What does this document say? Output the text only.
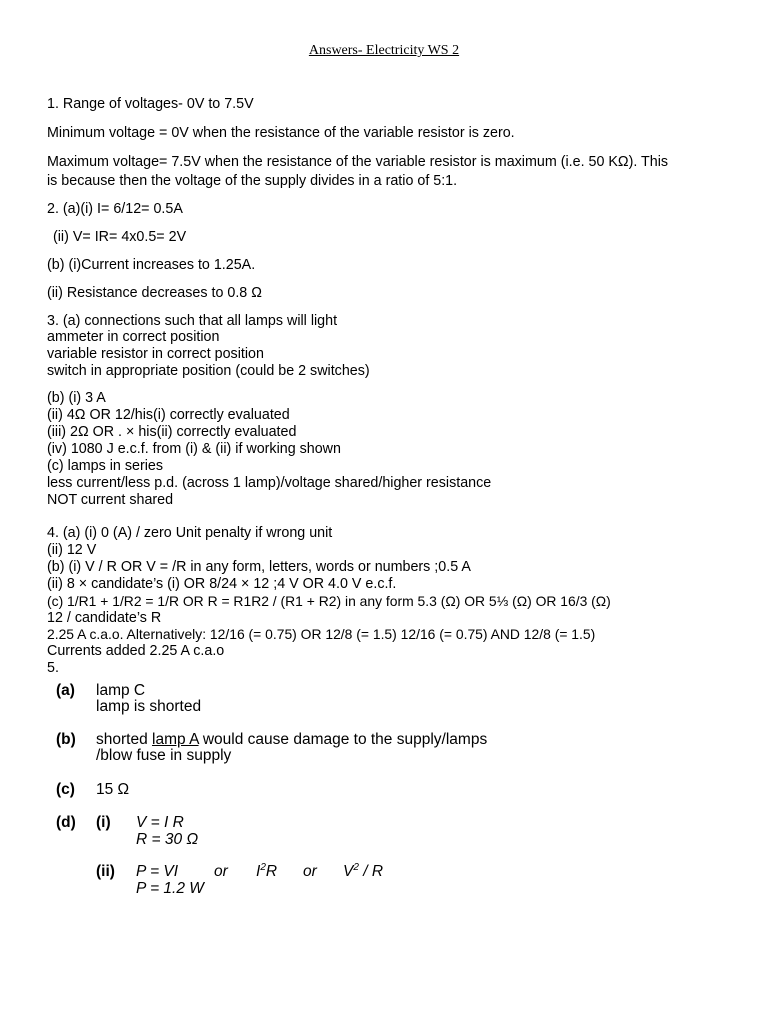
Answers- Electricity WS 2
1. Range of voltages- 0V to 7.5V
Minimum voltage = 0V when the resistance of the variable resistor is zero.
Maximum voltage= 7.5V when the resistance of the variable resistor is maximum (i.e. 50 KΩ). This
is because then the voltage of the supply divides in a ratio of 5:1.
2. (a)(i) I= 6/12= 0.5A
(ii) V= IR= 4x0.5= 2V
(b) (i)Current increases to 1.25A.
(ii) Resistance decreases to 0.8 Ω
3. (a) connections such that all lamps will light
ammeter in correct position
variable resistor in correct position
switch in appropriate position (could be 2 switches)
(b) (i) 3 A
(ii) 4Ω OR 12/his(i) correctly evaluated
(iii) 2Ω OR . × his(ii) correctly evaluated
(iv) 1080 J e.c.f. from (i) & (ii) if working shown
(c) lamps in series
less current/less p.d. (across 1 lamp)/voltage shared/higher resistance
NOT current shared
4. (a) (i) 0 (A) / zero Unit penalty if wrong unit
(ii) 12 V
(b) (i) V / R OR V = /R in any form, letters, words or numbers ;0.5 A
(ii) 8 × candidate’s (i) OR 8/24 × 12 ;4 V OR 4.0 V e.c.f.
(c) 1/R1 + 1/R2 = 1/R OR R = R1R2 / (R1 + R2) in any form 5.3 (Ω) OR 5⅓ (Ω) OR 16/3 (Ω)
12 / candidate’s R
2.25 A c.a.o. Alternatively: 12/16 (= 0.75) OR 12/8 (= 1.5) 12/16 (= 0.75) AND 12/8 (= 1.5)
Currents added 2.25 A c.a.o
5.
(a) lamp C
lamp is shorted
(b) shorted lamp A would cause damage to the supply/lamps
/blow fuse in supply
(c) 15 Ω
(d) (i) V = I R
R = 30 Ω
(ii) P = VI or $I^2R$ or $V^2$ / R
P = 1.2 W
